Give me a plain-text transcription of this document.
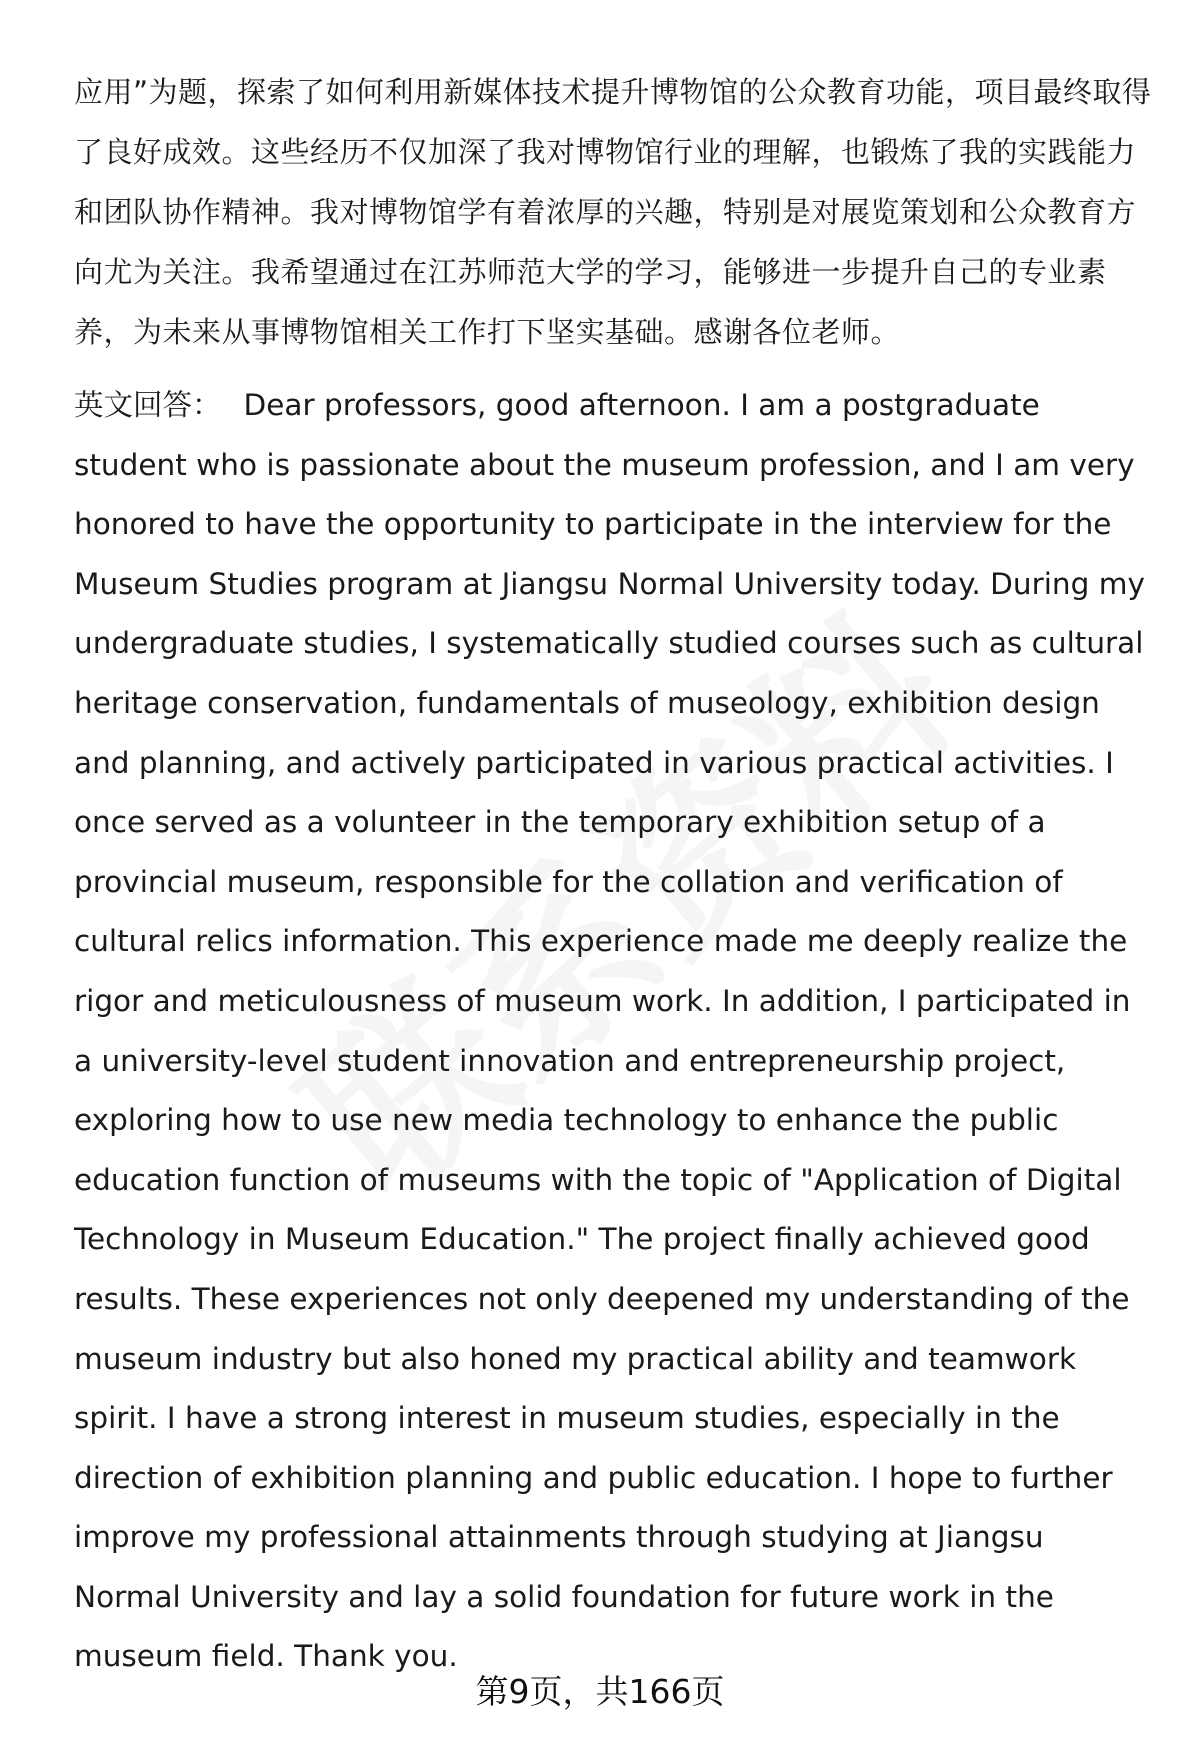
应用”为题，探索了如何利用新媒体技术提升博物馆的公众教育功能，项目最终取得了良好成效。这些经历不仅加深了我对博物馆行业的理解，也锻炼了我的实践能力和团队协作精神。我对博物馆学有着浓厚的兴趣，特别是对展览策划和公众教育方向尤为关注。我希望通过在江苏师范大学的学习，能够进一步提升自己的专业素养，为未来从事博物馆相关工作打下坚实基础。感谢各位老师。

英文回答： Dear professors, good afternoon. I am a postgraduate student who is passionate about the museum profession, and I am very honored to have the opportunity to participate in the interview for the Museum Studies program at Jiangsu Normal University today. During my undergraduate studies, I systematically studied courses such as cultural heritage conservation, fundamentals of museology, exhibition design and planning, and actively participated in various practical activities. I once served as a volunteer in the temporary exhibition setup of a provincial museum, responsible for the collation and verification of cultural relics information. This experience made me deeply realize the rigor and meticulousness of museum work. In addition, I participated in a university-level student innovation and entrepreneurship project, exploring how to use new media technology to enhance the public education function of museums with the topic of "Application of Digital Technology in Museum Education." The project finally achieved good results. These experiences not only deepened my understanding of the museum industry but also honed my practical ability and teamwork spirit. I have a strong interest in museum studies, especially in the direction of exhibition planning and public education. I hope to further improve my professional attainments through studying at Jiangsu Normal University and lay a solid foundation for future work in the museum field. Thank you.

第9页，共166页
